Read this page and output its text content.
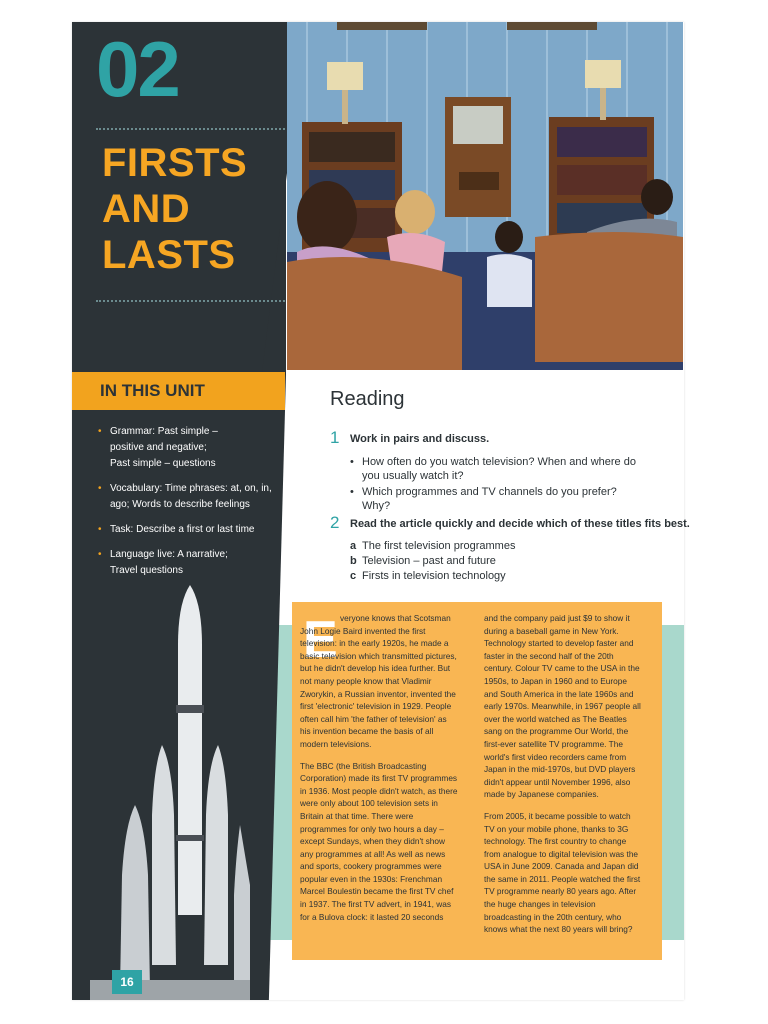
02
FIRSTS
AND
LASTS
IN THIS UNIT
• Grammar: Past simple –
positive and negative;
Past simple – questions
• Vocabulary: Time phrases: at, on, in,
ago; Words to describe feelings
• Task: Describe a first or last time
• Language live: A narrative;
Travel questions
16
Reading
1 Work in pairs and discuss.
• How often do you watch television? When and where do you usually watch it?
• Which programmes and TV channels do you prefer? Why?
2 Read the article quickly and decide which of these titles fits best.
a The first television programmes
b Television – past and future
c Firsts in television technology
E veryone knows that Scotsman John Logie Baird invented the first television: in the early 1920s, he made a basic television which transmitted pictures, but he didn't develop his idea further. But not many people know that Vladimir Zworykin, a Russian inventor, invented the first 'electronic' television in 1929. People often call him 'the father of television' as his invention became the basis of all modern televisions.

The BBC (the British Broadcasting Corporation) made its first TV programmes in 1936. Most people didn't watch, as there were only about 100 television sets in Britain at that time. There were programmes for only two hours a day – except Sundays, when they didn't show any programmes at all! As well as news and sports, cookery programmes were popular even in the 1930s: Frenchman Marcel Boulestin became the first TV chef in 1937. The first TV advert, in 1941, was for a Bulova clock: it lasted 20 seconds

and the company paid just $9 to show it during a baseball game in New York. Technology started to develop faster and faster in the second half of the 20th century. Colour TV came to the USA in the 1950s, to Japan in 1960 and to Europe and South America in the late 1960s and early 1970s. Meanwhile, in 1967 people all over the world watched as The Beatles sang on the programme Our World, the first-ever satellite TV programme. The world's first video recorders came from Japan in the mid-1970s, but DVD players didn't appear until November 1996, also made by Japanese companies.

From 2005, it became possible to watch TV on your mobile phone, thanks to 3G technology. The first country to change from analogue to digital television was the USA in June 2009. Canada and Japan did the same in 2011. People watched the first TV programme nearly 80 years ago. After the huge changes in television broadcasting in the 20th century, who knows what the next 80 years will bring?
